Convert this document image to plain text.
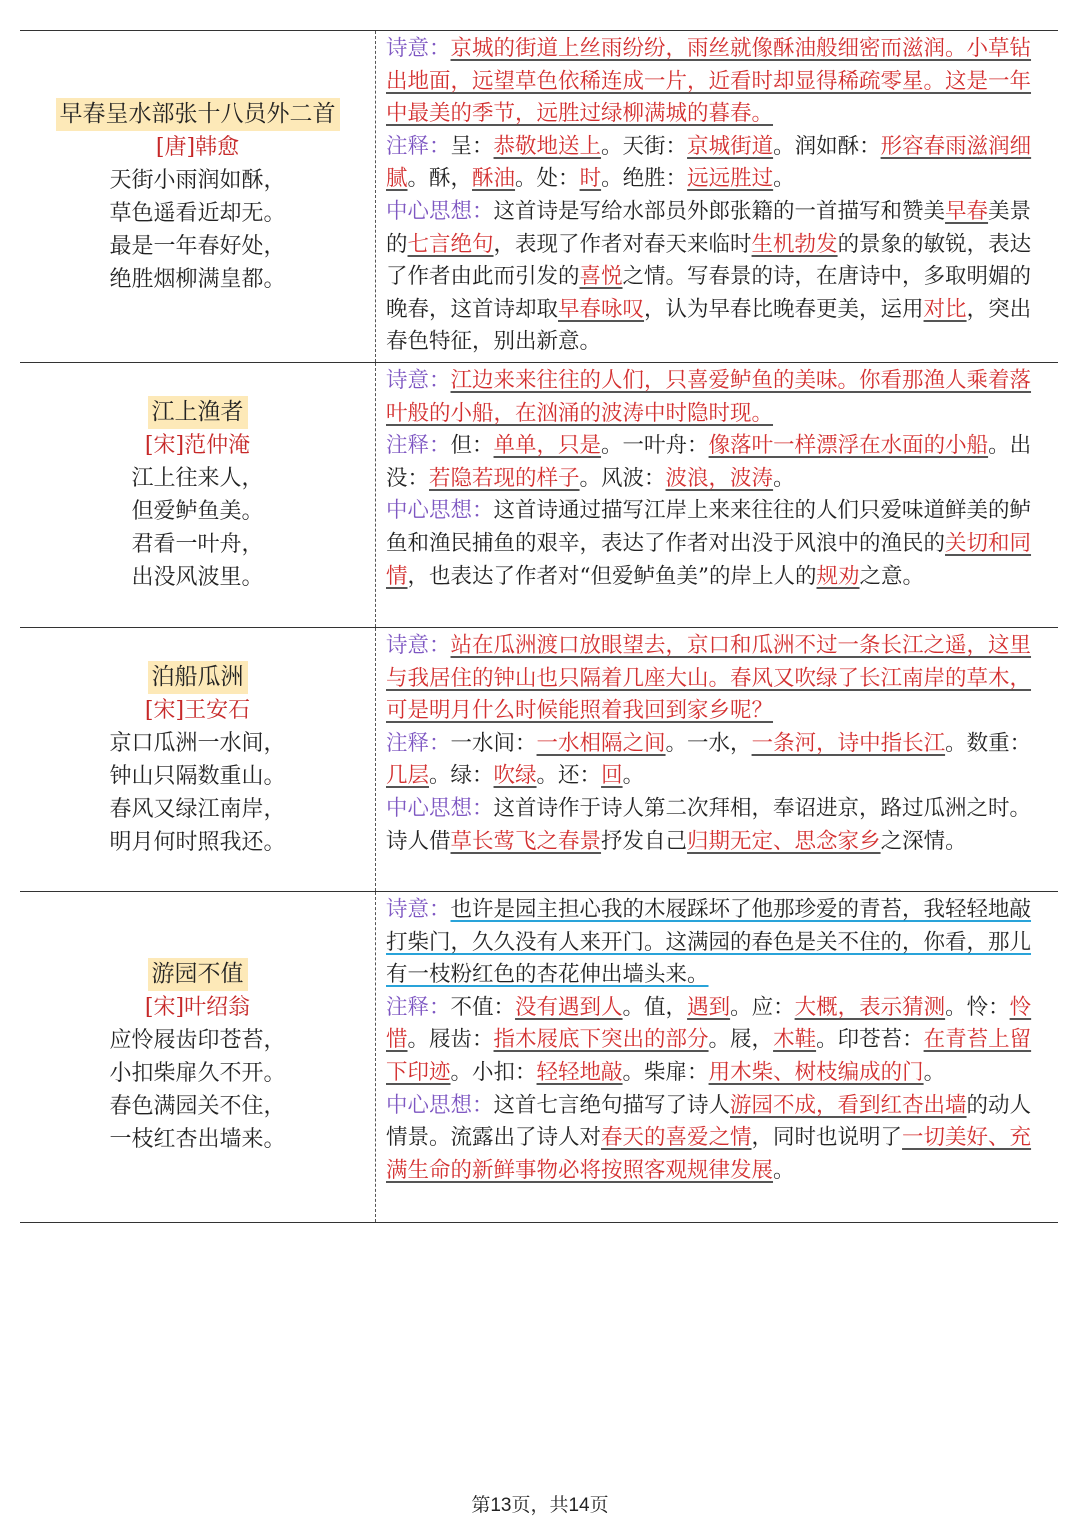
早春呈水部张十八员外二首
[唐]韩愈
天街小雨润如酥，
草色遥看近却无。
最是一年春好处，
绝胜烟柳满皇都。
诗意：京城的街道上丝雨纷纷，雨丝就像酥油般细密而滋润。小草钻出地面，远望草色依稀连成一片，近看时却显得稀疏零星。这是一年中最美的季节，远胜过绿柳满城的暮春。
注释：呈：恭敬地送上。天街：京城街道。润如酥：形容春雨滋润细腻。酥，酥油。处：时。绝胜：远远胜过。
中心思想：这首诗是写给水部员外郎张籍的一首描写和赞美早春美景的七言绝句，表现了作者对春天来临时生机勃发的景象的敏锐，表达了作者由此而引发的喜悦之情。写春景的诗，在唐诗中，多取明媚的晚春，这首诗却取早春咏叹，认为早春比晚春更美，运用对比，突出春色特征，别出新意。
江上渔者
[宋]范仲淹
江上往来人，
但爱鲈鱼美。
君看一叶舟，
出没风波里。
诗意：江边来来往往的人们，只喜爱鲈鱼的美味。你看那渔人乘着落叶般的小船，在汹涌的波涛中时隐时现。
注释：但：单单，只是。一叶舟：像落叶一样漂浮在水面的小船。出没：若隐若现的样子。风波：波浪，波涛。
中心思想：这首诗通过描写江岸上来来往往的人们只爱味道鲜美的鲈鱼和渔民捕鱼的艰辛，表达了作者对出没于风浪中的渔民的关切和同情，也表达了作者对“但爱鲈鱼美”的岸上人的规劝之意。
泊船瓜洲
[宋]王安石
京口瓜洲一水间，
钟山只隔数重山。
春风又绿江南岸，
明月何时照我还。
诗意：站在瓜洲渡口放眼望去，京口和瓜洲不过一条长江之遥，这里与我居住的钟山也只隔着几座大山。春风又吹绿了长江南岸的草木，可是明月什么时候能照着我回到家乡呢？
注释：一水间：一水相隔之间。一水，一条河，诗中指长江。数重：几层。绿：吹绿。还：回。
中心思想：这首诗作于诗人第二次拜相，奉诏进京，路过瓜洲之时。诗人借草长莺飞之春景抒发自己归期无定、思念家乡之深情。
游园不值
[宋]叶绍翁
应怜屐齿印苍苔，
小扣柴扉久不开。
春色满园关不住，
一枝红杏出墙来。
诗意：也许是园主担心我的木屐踩坏了他那珍爱的青苔，我轻轻地敲打柴门，久久没有人来开门。这满园的春色是关不住的，你看，那儿有一枝粉红色的杏花伸出墙头来。
注释：不值：没有遇到人。值，遇到。应：大概，表示猜测。怜：怜惜。屐齿：指木屐底下突出的部分。屐，木鞋。印苍苔：在青苔上留下印迹。小扣：轻轻地敲。柴扉：用木柴、树枝编成的门。
中心思想：这首七言绝句描写了诗人游园不成，看到红杏出墙的动人情景。流露出了诗人对春天的喜爱之情，同时也说明了一切美好、充满生命的新鲜事物必将按照客观规律发展。
第13页，共14页
